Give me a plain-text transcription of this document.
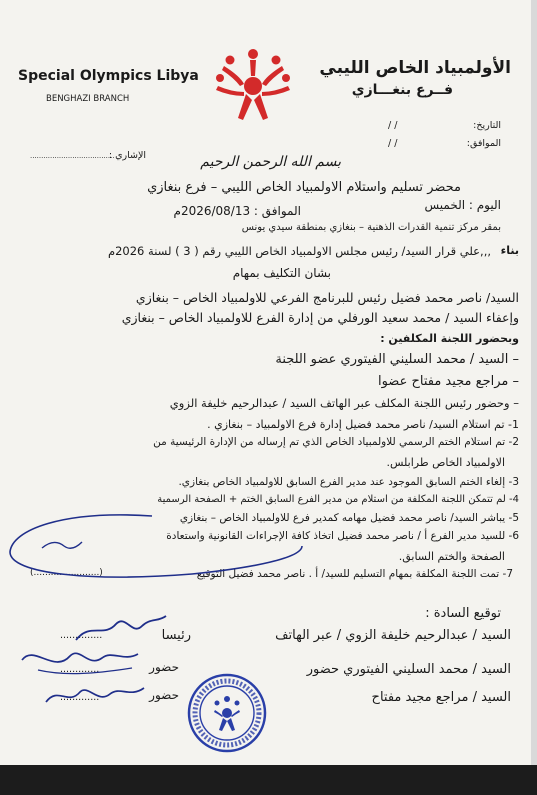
Special Olympics Libya
BENGHAZI BRANCH
الأولمبياد الخاص الليبي
فــرع بنغـــازي
التاريخ:
/ /
الموافق:
/ /
الإشاري :
......................................	بسم الله الرحمن الرحيم
محضر تسليم واستلام الاولمبياد الخاص الليبي – فرع بنغازي
اليوم : الخميس
الموافق : 2026/08/13م
بمقر مركز تنمية القدرات الذهنية – بنغازي بمنطقة سيدي يونس
بناء
,,,علي قرار السيد/ رئيس مجلس الاولمبياد الخاص الليبي رقم ( 3 ) لسنة 2026م
بشان التكليف بمهام
السيد/ ناصر محمد فضيل رئيس للبرنامج الفرعي للاولمبياد الخاص – بنغازي
وإعفاء السيد / محمد سعيد الورفلي من إدارة الفرع للاولمبياد الخاص – بنغازي
وبحضور اللجنة المكلفين :
– السيد / محمد السليني الفيتوري عضو اللجنة
– مراجع مجيد مفتاح عضوا
– وحضور رئيس اللجنة المكلف عبر الهاتف السيد / عبدالرحيم خليفة الزوي
1- تم استلام السيد/ ناصر محمد فضيل إدارة فرع الاولمبياد – بنغازي .
2- تم استلام الختم الرسمي للاولمبياد الخاص الذي تم إرساله من الإدارة الرئيسية من
الاولمبياد الخاص طرابلس.
3- إلغاء الختم السابق الموجود عند مدير الفرع السابق للاولمبياد الخاص بنغازي.
4- لم تتمكن اللجنة المكلفة من استلام من مدير الفرع السابق الختم + الصفحة الرسمية
5- يباشر السيد/ ناصر محمد فضيل مهامه كمدير فرع للاولمبياد الخاص – بنغازي
6- للسيد مدير الفرع أ / ناصر محمد فضيل اتخاذ كافة الإجراءات القانونية واستعادة
الصفحة والختم السابق.
7- تمت اللجنة المكلفة بمهام التسليم للسيد/ أ . ناصر محمد فضيل التوقيع
(.......................)
توقيع السادة :
السيد / عبدالرحيم خليفة الزوي / عبر الهاتف
رئيسا
..............
السيد / محمد السليني الفيتوري حضور
حضور
.............
السيد / مراجع مجيد مفتاح
حضور
.............
